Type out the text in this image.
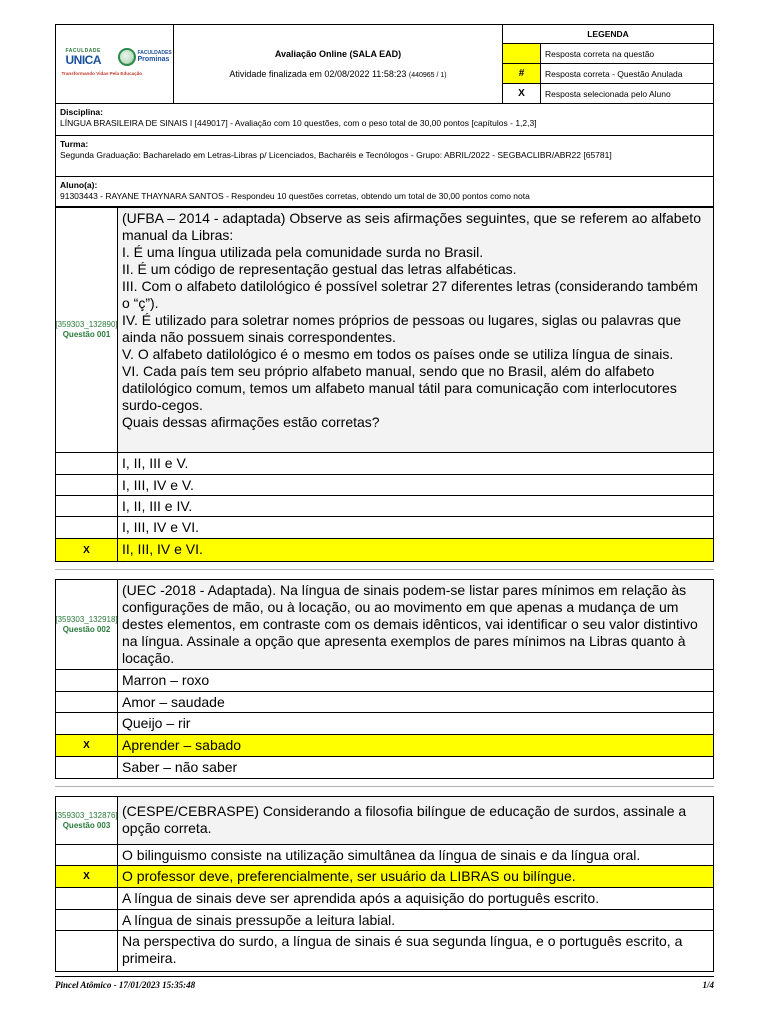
FACULDADE
UNICA	FACULDADES
Prominas
Transformando Vidas Pela Educação
Avaliação Online (SALA EAD)
Atividade finalizada em 02/08/2022 11:58:23 (440965 / 1)
LEGENDA
Resposta correta na questão
#	Resposta correta - Questão Anulada
X	Resposta selecionada pelo Aluno
Disciplina:
LÍNGUA BRASILEIRA DE SINAIS I [449017] - Avaliação com 10 questões, com o peso total de 30,00 pontos [capítulos - 1,2,3]
Turma:
Segunda Graduação: Bacharelado em Letras-Libras p/ Licenciados, Bacharéis e Tecnólogos - Grupo: ABRIL/2022 - SEGBACLIBR/ABR22 [65781]
Aluno(a):
91303443 - RAYANE THAYNARA SANTOS - Respondeu 10 questões corretas, obtendo um total de 30,00 pontos como nota
[359303_132890]
Questão 001
(UFBA – 2014 - adaptada) Observe as seis afirmações seguintes, que se referem ao alfabeto manual da Libras:
I. É uma língua utilizada pela comunidade surda no Brasil.
II. É um código de representação gestual das letras alfabéticas.
III. Com o alfabeto datilológico é possível soletrar 27 diferentes letras (considerando também o “ç”).
IV. É utilizado para soletrar nomes próprios de pessoas ou lugares, siglas ou palavras que ainda não possuem sinais correspondentes.
V. O alfabeto datilológico é o mesmo em todos os países onde se utiliza língua de sinais.
VI. Cada país tem seu próprio alfabeto manual, sendo que no Brasil, além do alfabeto datilológico comum, temos um alfabeto manual tátil para comunicação com interlocutores surdo-cegos.
Quais dessas afirmações estão corretas?
I, II, III e V.
I, III, IV e V.
I, II, III e IV.
I, III, IV e VI.
X	II, III, IV e VI.
[359303_132918]
Questão 002
(UEC -2018 - Adaptada). Na língua de sinais podem-se listar pares mínimos em relação às configurações de mão, ou à locação, ou ao movimento em que apenas a mudança de um destes elementos, em contraste com os demais idênticos, vai identificar o seu valor distintivo na língua. Assinale a opção que apresenta exemplos de pares mínimos na Libras quanto à locação.
Marron – roxo
Amor – saudade
Queijo – rir
X	Aprender – sabado
Saber – não saber
[359303_132876]
Questão 003
(CESPE/CEBRASPE) Considerando a filosofia bilíngue de educação de surdos, assinale a opção correta.
O bilinguismo consiste na utilização simultânea da língua de sinais e da língua oral.
X	O professor deve, preferencialmente, ser usuário da LIBRAS ou bilíngue.
A língua de sinais deve ser aprendida após a aquisição do português escrito.
A língua de sinais pressupõe a leitura labial.
Na perspectiva do surdo, a língua de sinais é sua segunda língua, e o português escrito, a primeira.
Pincel Atômico - 17/01/2023 15:35:48	1/4
